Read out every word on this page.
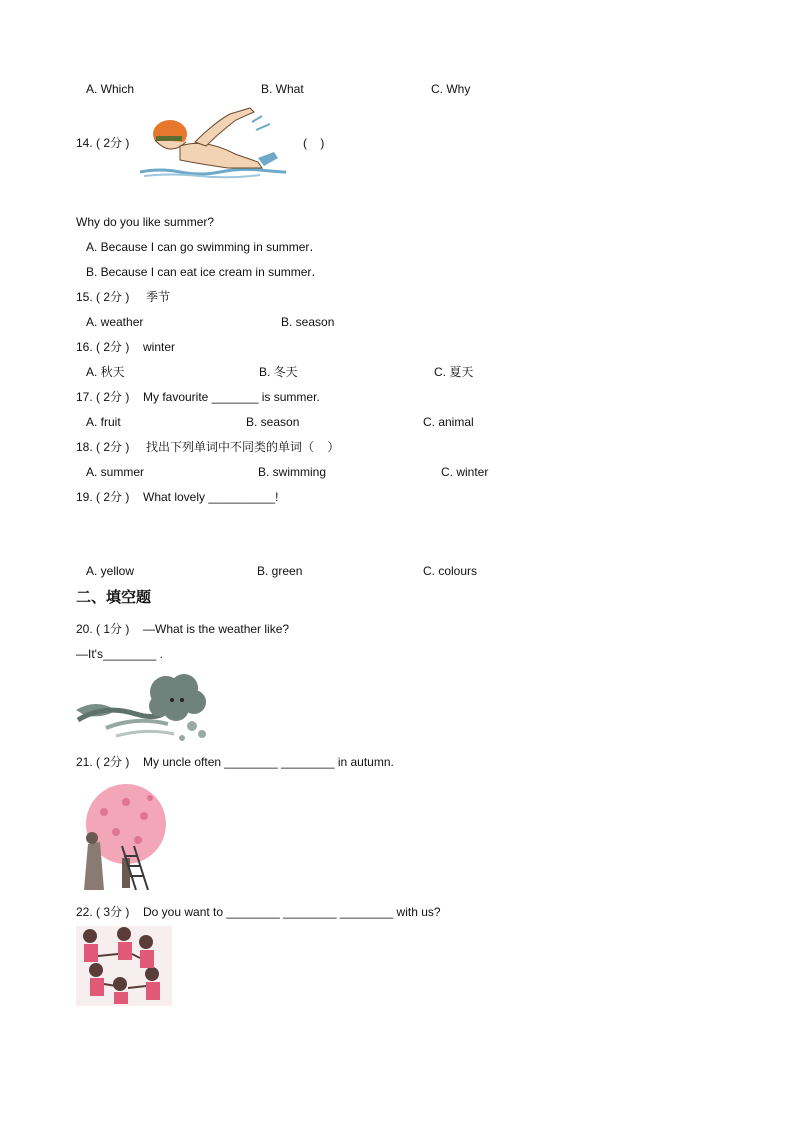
A. Which	B. What	C. Why
14. ( 2分 )	(    )
Why do you like summer?
A. Because I can go swimming in summer․
B. Because I can eat ice cream in summer․
15. ( 2分 ) 季节
A. weather	B. season
16. ( 2分 ) winter
A. 秋天	B. 冬天	C. 夏天
17. ( 2分 ) My favourite _______ is summer.
A. fruit	B. season	C. animal
18. ( 2分 ) 找出下列单词中不同类的单词（    ）
A. summer	B. swimming	C. winter
19. ( 2分 ) What lovely __________!
A. yellow	B. green	C. colours
二、填空题
20. ( 1分 ) —What is the weather like?
—It's________ .
21. ( 2分 ) My uncle often ________ ________ in autumn.
22. ( 3分 ) Do you want to ________ ________ ________ with us?
